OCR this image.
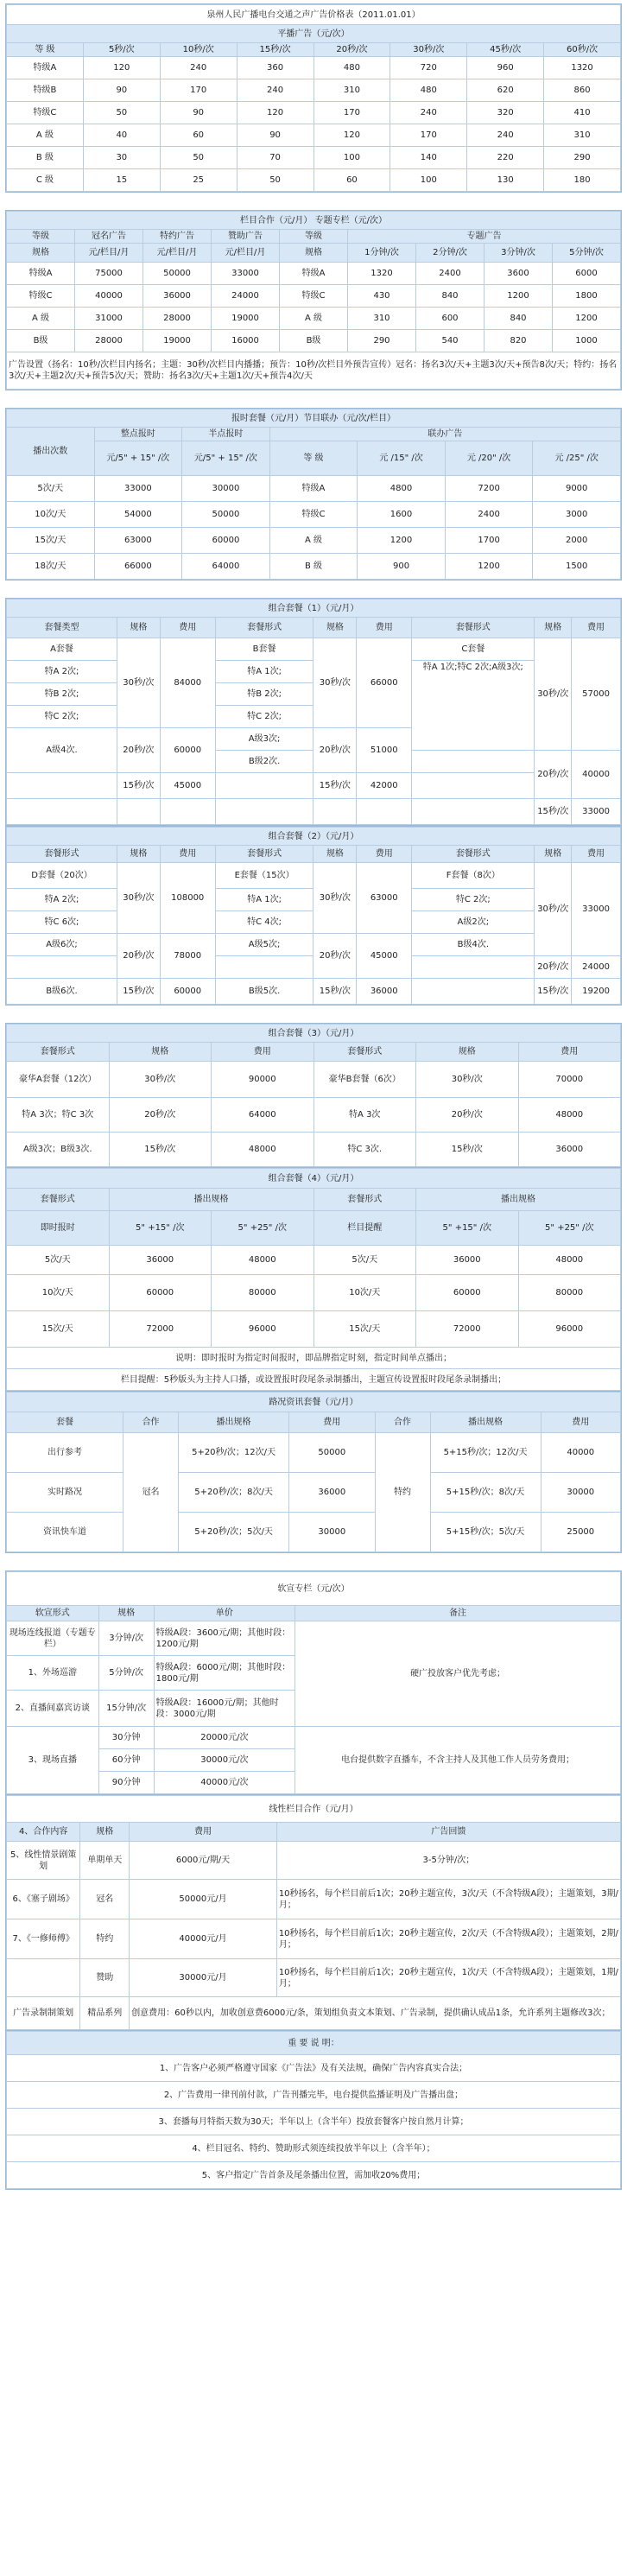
泉州人民广播电台交通之声广告价格表（2011.01.01）							
平播广告（元/次）							
等 级	5秒/次	10秒/次	15秒/次	20秒/次	30秒/次	45秒/次	60秒/次
特级A	120	240	360	480	720	960	1320
特级B	90	170	240	310	480	620	860
特级C	50	90	120	170	240	320	410
A 级	40	60	90	120	170	240	310
B 级	30	50	70	100	140	220	290
C 级	15	25	50	60	100	130	180
栏目合作（元/月） 专题专栏（元/次）								
等级	冠名广告	特约广告	赞助广告	等级	专题广告			
规格	元/栏目/月	元/栏目/月	元/栏目/月	规格	1分钟/次	2分钟/次	3分钟/次	5分钟/次
特级A	75000	50000	33000	特级A	1320	2400	3600	6000
特级C	40000	36000	24000	特级C	430	840	1200	1800
A 级	31000	28000	19000	A 级	310	600	840	1200
B级	28000	19000	16000	B级	290	540	820	1000
广告设置（扬名：10秒/次栏目内扬名；主题：30秒/次栏目内播播；预告：10秒/次栏目外预告宣传）冠名：扬名3次/天+主题3次/天+预告8次/天；特约：扬名3次/天+主题2次/天+预告5次/天；赞助：扬名3次/天+主题1次/天+预告4次/天								
报时套餐（元/月）节目联办（元/次/栏目）						
播出次数	整点报时	半点报时	联办广告			
	元/5" + 15" /次	元/5" + 15" /次	等 级	元 /15" /次	元 /20" /次	元 /25" /次
5次/天	33000	30000	特级A	4800	7200	9000
10次/天	54000	50000	特级C	1600	2400	3000
15次/天	63000	60000	A 级	1200	1700	2000
18次/天	66000	64000	B 级	900	1200	1500
组合套餐（1）（元/月）								
套餐类型	规格	费用	套餐形式	规格	费用	套餐形式	规格	费用
A套餐	30秒/次	84000	B套餐	30秒/次	66000	C套餐	30秒/次	57000
特A 2次;			特A 1次;			特A 1次;特C 2次;A级3次;		
特B 2次;			特B 2次;					
特C 2次;			特C 2次;					
A级4次.	20秒/次	60000	A级3次;	20秒/次	51000			
			B级2次.				20秒/次	40000
	15秒/次	45000		15秒/次	42000			
							15秒/次	33000
组合套餐（2）（元/月）								
套餐形式	规格	费用	套餐形式	规格	费用	套餐形式	规格	费用
D套餐（20次）	30秒/次	108000	E套餐（15次）	30秒/次	63000	F套餐（8次）	30秒/次	33000
特A 2次;			特A 1次;			特C 2次;		
特C 6次;			特C 4次;			A级2次;		
A级6次;	20秒/次	78000	A级5次;	20秒/次	45000	B级4次.		
							20秒/次	24000
B级6次.	15秒/次	60000	B级5次.	15秒/次	36000		15秒/次	19200
组合套餐（3）（元/月）					
套餐形式	规格	费用	套餐形式	规格	费用
豪华A套餐（12次）	30秒/次	90000	豪华B套餐（6次）	30秒/次	70000
特A 3次；特C 3次	20秒/次	64000	特A 3次	20秒/次	48000
A级3次；B级3次.	15秒/次	48000	特C 3次.	15秒/次	36000
组合套餐（4）（元/月）					
套餐形式	播出规格		套餐形式	播出规格	
即时报时	5" +15" /次	5" +25" /次	栏目提醒	5" +15" /次	5" +25" /次
5次/天	36000	48000	5次/天	36000	48000
10次/天	60000	80000	10次/天	60000	80000
15次/天	72000	96000	15次/天	72000	96000
说明：即时报时为指定时间报时，即品牌指定时刻，指定时间单点播出；					
栏目提醒：5秒版头为主持人口播，或设置报时段尾条录制播出，主题宣传设置报时段尾条录制播出；					
路况资讯套餐（元/月）						
套餐	合作	播出规格	费用	合作	播出规格	费用
出行参考	冠名	5+20秒/次；12次/天	50000	特约	5+15秒/次；12次/天	40000
实时路况		5+20秒/次；8次/天	36000		5+15秒/次；8次/天	30000
资讯快车道		5+20秒/次；5次/天	30000		5+15秒/次；5次/天	25000
软宣专栏（元/次）			
软宣形式	规格	单价	备注
现场连线报道（专题专栏）	3分钟/次	特级A段：3600元/期；其他时段：1200元/期	硬广投放客户优先考虑；
1、外场巡游	5分钟/次	特级A段：6000元/期；其他时段：1800元/期	
2、直播间嘉宾访谈	15分钟/次	特级A段：16000元/期；其他时段：3000元/期	
3、现场直播	30分钟	20000元/次	电台提供数字直播车，不含主持人及其他工作人员劳务费用；
	60分钟	30000元/次	
	90分钟	40000元/次	
线性栏目合作（元/月）			
4、合作内容	规格	费用	广告回馈
5、线性情景剧策划	单期单天	6000元/期/天	3-5分钟/次；
6、《塞子剧场》	冠名	50000元/月	10秒扬名，每个栏目前后1次；20秒主题宣传，3次/天（不含特级A段）；主题策划，3期/月；
7、《一修师傅》	特约	40000元/月	10秒扬名，每个栏目前后1次；20秒主题宣传，2次/天（不含特级A段）；主题策划，2期/月；
	赞助	30000元/月	10秒扬名，每个栏目前后1次；20秒主题宣传，1次/天（不含特级A段）；主题策划，1期/月；
广告录制制策划	精品系列	创意费用：60秒以内，加收创意费6000元/条，策划组负责文本策划、广告录制，提供确认成品1条，允许系列主题修改3次；	
重 要 说 明：
1、广告客户必须严格遵守国家《广告法》及有关法规，确保广告内容真实合法；
2、广告费用一律刊前付款，广告刊播完毕，电台提供监播证明及广告播出盘；
3、套播每月特指天数为30天；半年以上（含半年）投放套餐客户按自然月计算；
4、栏目冠名、特约、赞助形式须连续投放半年以上（含半年）；
5、客户指定广告首条及尾条播出位置，需加收20%费用；
